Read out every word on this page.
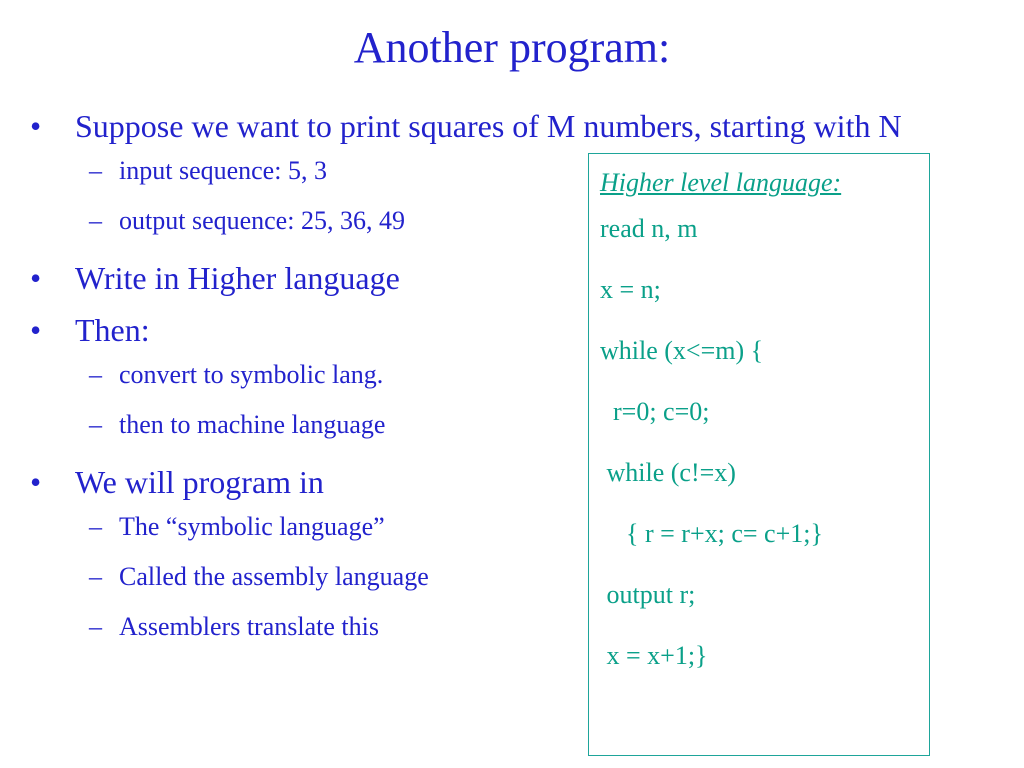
Another program:
•	Suppose we want to print squares of M numbers, starting with N
– input sequence: 5, 3
– output sequence: 25, 36, 49
•	Write in Higher language
•	Then:
– convert to symbolic lang.
– then to machine language
•	We will program in
– The “symbolic language”
– Called the assembly language
– Assemblers translate this
Higher level language:
read n, m
x = n;
while (x<=m) {
r=0; c=0;
while (c!=x)
{ r = r+x; c= c+1;}
output r;
x = x+1;}
